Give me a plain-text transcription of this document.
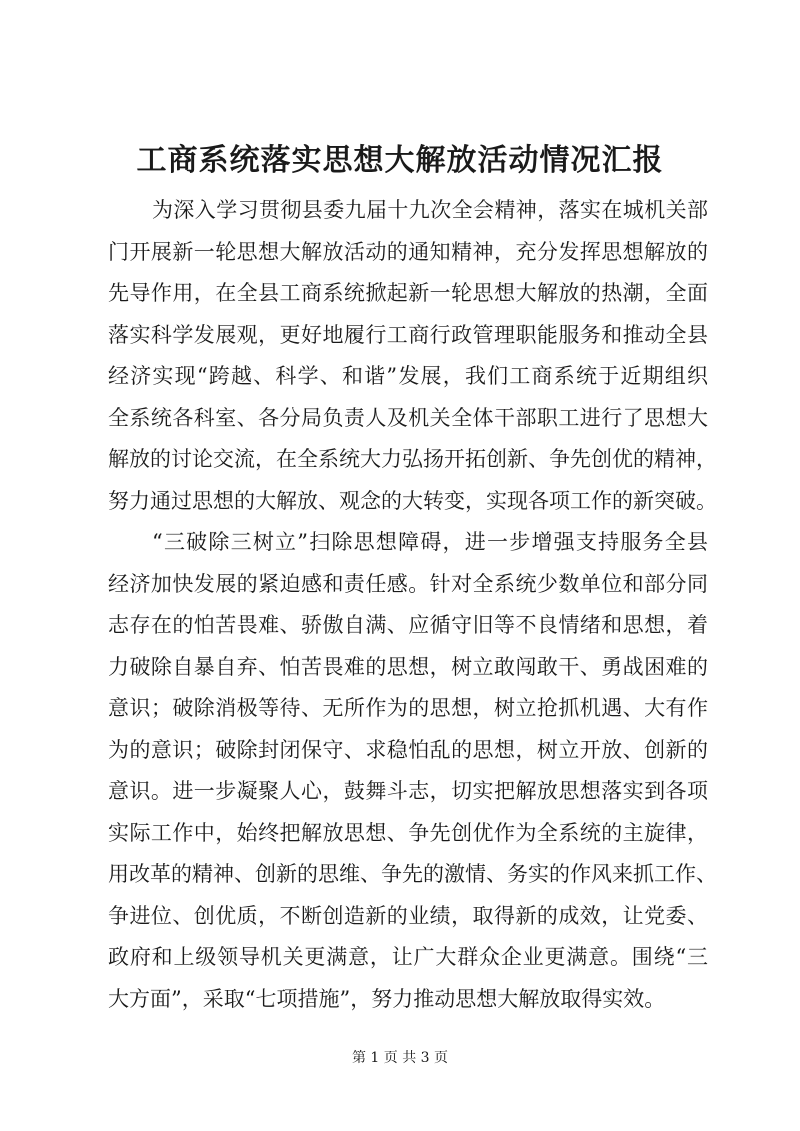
工商系统落实思想大解放活动情况汇报
为深入学习贯彻县委九届十九次全会精神，落实在城机关部
门开展新一轮思想大解放活动的通知精神，充分发挥思想解放的
先导作用，在全县工商系统掀起新一轮思想大解放的热潮，全面
落实科学发展观，更好地履行工商行政管理职能服务和推动全县
经济实现“跨越、科学、和谐”发展，我们工商系统于近期组织
全系统各科室、各分局负责人及机关全体干部职工进行了思想大
解放的讨论交流，在全系统大力弘扬开拓创新、争先创优的精神，
努力通过思想的大解放、观念的大转变，实现各项工作的新突破。
“三破除三树立”扫除思想障碍，进一步增强支持服务全县
经济加快发展的紧迫感和责任感。针对全系统少数单位和部分同
志存在的怕苦畏难、骄傲自满、应循守旧等不良情绪和思想，着
力破除自暴自弃、怕苦畏难的思想，树立敢闯敢干、勇战困难的
意识；破除消极等待、无所作为的思想，树立抢抓机遇、大有作
为的意识；破除封闭保守、求稳怕乱的思想，树立开放、创新的
意识。进一步凝聚人心，鼓舞斗志，切实把解放思想落实到各项
实际工作中，始终把解放思想、争先创优作为全系统的主旋律，
用改革的精神、创新的思维、争先的激情、务实的作风来抓工作、
争进位、创优质，不断创造新的业绩，取得新的成效，让党委、
政府和上级领导机关更满意，让广大群众企业更满意。围绕“三
大方面”，采取“七项措施”，努力推动思想大解放取得实效。
第 1 页 共 3 页
